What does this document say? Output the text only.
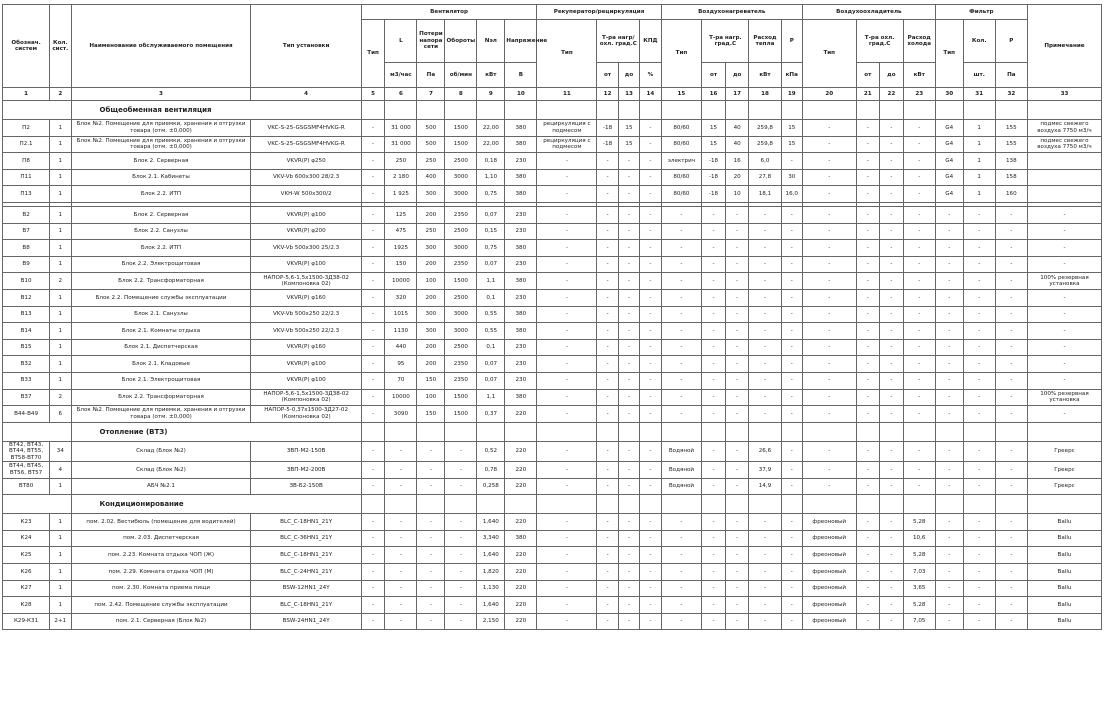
Обознач. систем	Кол. сист.	Наименование обслуживаемого помещения	Тип установки	Вентилятор						Рекуператор/рециркуляция				Воздухонагреватель					Воздухоохладитель				Фильтр			Примечание
				Тип	L	Потери напора сети	Обороты	Nэл	Напряжение	Тип	Т-ра нагр/охл. град.С		КПД	Тип	Т-ра нагр. град.С		Расход тепла	P	Тип	Т-ра охл. град.С		Расход холода	Тип	Кол.	P	
					м3/час	Па	об/мин	кВт	В		от	до	%		от	до	кВт	кПа		от	до	кВт		шт.	Па	
1	2	3	4	5	6	7	8	9	10	11	12	13	14	15	16	17	18	19	20	21	22	23	30	31	32	33
		Общеобменная вентиляция																								
П2	1	Блок №2. Помещение для приемки, хранения и отгрузки товара (отм. ±0,000)	VKC-S-25-GSGSMF4HVKG-R	-	31 000	500	1500	22,00	380	рециркуляция с подмесом	-18	15	-	80/60	15	40	259,8	15	-	-	-	-	G4	1	155	подмес свежего воздуха 7750 м3/ч
П2.1	1	Блок №2. Помещение для приемки, хранения и отгрузки товара (отм. ±0,000)	VKC-S-25-GSGSMF4HVKG-R	-	31 000	500	1500	22,00	380	рециркуляция с подмесом	-18	15	-	80/60	15	40	259,8	15	-	-	-	-	G4	1	155	подмес свежего воздуха 7750 м3/ч
П8	1	Блок 2. Серверная	VKVR(P) φ250	-	250	250	2500	0,18	230	-	-	-	-	электрич	-18	16	6,0	-	-	-	-	-	G4	1	138	
П11	1	Блок 2.1. Кабинеты	VKV-Vb 600х300 28/2.3	-	2 180	400	3000	1,10	380	-	-	-	-	80/60	-18	20	27,8	30	-	-	-	-	G4	1	158	
П13	1	Блок 2.2. ИТП	VKH-W 500х300/2	-	1 925	300	3000	0,75	380	-	-	-	-	80/60	-18	10	18,1	16,0	-	-	-	-	G4	1	160	

В2	1	Блок 2. Серверная	VKVR(P) φ100	-	125	200	2350	0,07	230	-	-	-	-	-	-	-	-	-	-	-	-	-	-	-	-	-
В7	1	Блок 2.2. Санузлы	VKVR(P) φ200	-	475	250	2500	0,15	230	-	-	-	-	-	-	-	-	-	-	-	-	-	-	-	-	-
В8	1	Блок 2.2. ИТП	VKV-Vb 500х300 25/2.3	-	1925	300	3000	0,75	380	-	-	-	-	-	-	-	-	-	-	-	-	-	-	-	-	-
В9	1	Блок 2.2. Электрощитовая	VKVR(P) φ100	-	150	200	2350	0,07	230	-	-	-	-	-	-	-	-	-	-	-	-	-	-	-	-	-
В10	2	Блок 2.2. Трансформаторная	НАПОР-5,6-1,5х1500-3ДЗ8-02 (Компоновка 02)	-	10000	100	1500	1,1	380	-	-	-	-	-	-	-	-	-	-	-	-	-	-	-	-	100% резервная установка
В12	1	Блок 2.2. Помещение службы эксплуатации	VKVR(P) φ160	-	320	200	2500	0,1	230	-	-	-	-	-	-	-	-	-	-	-	-	-	-	-	-	-
В13	1	Блок 2.1. Санузлы	VKV-Vb 500х250 22/2.3	-	1015	300	3000	0,55	380	-	-	-	-	-	-	-	-	-	-	-	-	-	-	-	-	-
В14	1	Блок 2.1. Комнаты отдыха	VKV-Vb 500х250 22/2.3	-	1130	300	3000	0,55	380	-	-	-	-	-	-	-	-	-	-	-	-	-	-	-	-	-
В15	1	Блок 2.1. Диспетчерская	VKVR(P) φ160	-	440	200	2500	0,1	230	-	-	-	-	-	-	-	-	-	-	-	-	-	-	-	-	-
В32	1	Блок 2.1. Кладовые	VKVR(P) φ100	-	95	200	2350	0,07	230	-	-	-	-	-	-	-	-	-	-	-	-	-	-	-	-	-
В33	1	Блок 2.1. Электрощитовая	VKVR(P) φ100	-	70	150	2350	0,07	230	-	-	-	-	-	-	-	-	-	-	-	-	-	-	-	-	-
В37	2	Блок 2.2. Трансформаторная	НАПОР-5,6-1,5х1500-3ДЗ8-02 (Компоновка 02)	-	10000	100	1500	1,1	380	-	-	-	-	-	-	-	-	-	-	-	-	-	-	-	-	100% резервная установка
В44-В49	6	Блок №2. Помещение для приемки, хранения и отгрузки товара (отм. ±0,000)	НАПОР-5-0,37х1500-3Д27-02 (Компоновка 02)	-	3090	150	1500	0,37	220	-	-	-	-	-	-	-	-	-	-	-	-	-	-	-	-	-
		Отопление (ВТЗ)																								
ВТ42, ВТ43, ВТ44, ВТ55, ВТ58-ВТ70	34	Склад (Блок №2)	ЗВП-М2-150В	-	-	-	-	0,52	220	-	-	-	-	Водяной	-	-	26,6	-	-	-	-	-	-	-	-	Гpеepс
ВТ44, ВТ45, ВТ56, ВТ57	4	Склад (Блок №2)	ЗВП-М2-200В	-	-	-	-	0,78	220	-	-	-	-	Водяной	-	-	37,9	-	-	-	-	-	-	-	-	Гpеepс
ВТ80	1	АБЧ №2.1	ЗВ-Б2-150В	-	-	-	-	0,258	220	-	-	-	-	Водяной	-	-	14,9	-	-	-	-	-	-	-	-	Гpеepс
		Кондиционирование																								
К23	1	пом. 2.02. Вестибюль (помещение для водителей)	BLC_C-18HN1_21Y	-	-	-	-	1,640	220	-	-	-	-	-	-	-	-	-	фреоновый	-	-	5,28	-	-	-	Ballu
К24	1	пом. 2.03. Диспетчерская	BLC_C-36HN1_21Y	-	-	-	-	3,340	380	-	-	-	-	-	-	-	-	-	фреоновый	-	-	10,6	-	-	-	Ballu
К25	1	пом. 2.23. Комната отдыха ЧОП (Ж)	BLC_C-18HN1_21Y	-	-	-	-	1,640	220	-	-	-	-	-	-	-	-	-	фреоновый	-	-	5,28	-	-	-	Ballu
К26	1	пом. 2.29. Комната отдыха ЧОП (М)	BLC_C-24HN1_21Y	-	-	-	-	1,820	220	-	-	-	-	-	-	-	-	-	фреоновый	-	-	7,03	-	-	-	Ballu
К27	1	пом. 2.30. Комната приема пищи	BSW-12HN1_24Y	-	-	-	-	1,130	220	-	-	-	-	-	-	-	-	-	фреоновый	-	-	3,65	-	-	-	Ballu
К28	1	пом. 2.42. Помещение службы эксплуатации	BLC_C-18HN1_21Y	-	-	-	-	1,640	220	-	-	-	-	-	-	-	-	-	фреоновый	-	-	5,28	-	-	-	Ballu
К29-К31	2+1	пом. 2.1. Серверная (Блок №2)	BSW-24HN1_24Y	-	-	-	-	2,150	220	-	-	-	-	-	-	-	-	-	фреоновый	-	-	7,05	-	-	-	Ballu
